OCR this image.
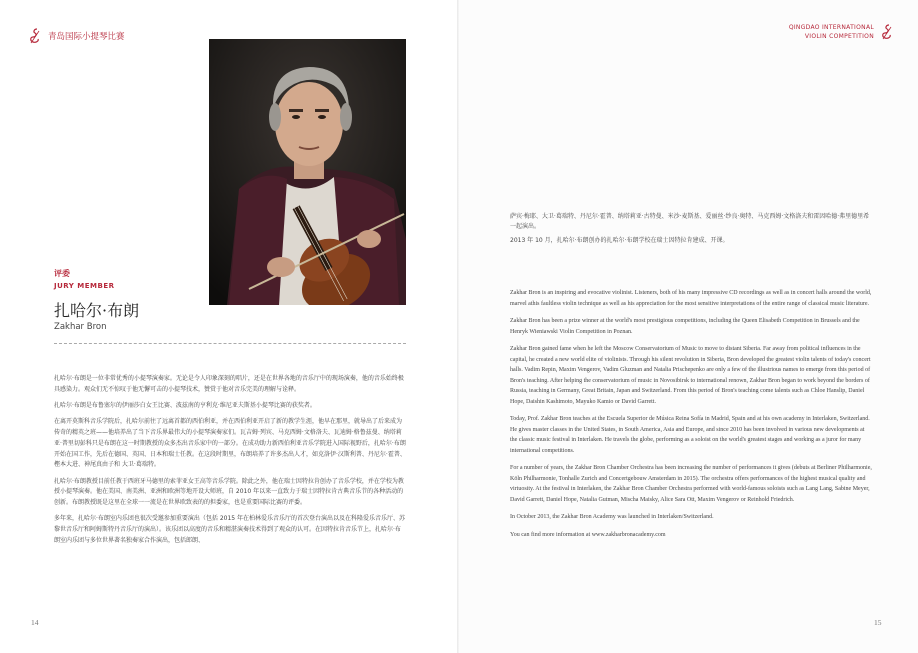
青岛国际小提琴比赛
评委
JURY MEMBER
扎哈尔·布朗
Zakhar Bron

扎哈尔·布朗是一位非常优秀的小提琴演奏家。无论是令人印象深刻的唱片，还是在世界各地的音乐厅中的现场演奏，他的音乐始终极具感染力。观众们无不惊叹于他无懈可击的小提琴技术，赞赏于他对音乐完美的理解与诠释。

扎哈尔·布朗是布鲁塞尔的伊丽莎白女王比赛、波兹南的亨利克·维尼亚夫斯基小提琴比赛的获奖者。

在离开莫斯科音乐学院后，扎哈尔前往了远离首都的西伯利亚，并在西伯利亚开启了新的教学生涯，他早在那里，就导出了后来成为传奇的精英之班——他培养出了当下音乐界最伟大的小提琴演奏家们。瓦吉姆·列宾、马克西姆·文格洛夫、瓦迪姆·格鲁兹曼、纳塔莉亚·普里切彭科只是布朗在这一时期教授的众多杰出音乐家中的一部分。在成功助力新西伯利亚音乐学院进入国际视野后，扎哈尔·布朗开始在国工作，先后在德国、英国、日本和瑞士任教。在这段时期里，布朗培养了许多杰出人才，如克洛伊·汉斯利普、丹尼尔·霍普、樫本大进、神尾真由子和 大卫·葛瑞特。

扎哈尔·布朗教授目前任教于西班牙马德里的索菲亚女王高等音乐学院。除此之外，他在瑞士因特拉肯创办了音乐学校，并在学校为教授小提琴演奏。他在美国、南美洲、亚洲和欧洲等地开设大师班，自 2010 年以来一直致力于瑞士因特拉肯古典音乐节的各种活动的创新。布朗教授既是这里在全球一一流是在世界欧致表的的担委家，也是重要国际比赛的评委。

多年来，扎哈尔·布朗室内乐团也很次受邀参加重要演出（包括 2015 年在柏林爱乐音乐厅的首次登台演出以及在科隆爱乐音乐厅、苏黎世音乐厅和阿姆斯特丹音乐厅的演出）。该乐团以高度的音乐和精湛演奏技术得到了观众的认可。在因特拉肯音乐节上，扎哈尔·布朗室内乐团与多位世界著名独奏家合作演出，包括郎朗、

14
QINGDAO INTERNATIONAL
VIOLIN COMPETITION

萨宾·梅耶、大卫·葛瑞特、丹尼尔·霍普、纳塔莉亚·古特曼、米沙·麦斯基、爱丽丝·纱良·奥特、马克西姆·文格洛夫和雷因哈德·弗里德里希一起演出。

2013 年 10 月，扎哈尔·布朗创办的扎哈尔·布朗学校在瑞士因特拉肯建成、开课。

Zakhar Bron is an inspiring and evocative violinist. Listeners, both of his many impressive CD recordings as well as in concert halls around the world, marvel athis faultless violin technique as well as his appreciation for the most sensitive interpretations of the entire range of classical music literature.

Zakhar Bron has been a prize winner at the world's most prestigious competitions, including the Queen Elisabeth Competition in Brussels and the Henryk Wieniawski Violin Competition in Poznan.

Zakhar Bron gained fame when he left the Moscow Conservatorium of Music to move to distant Siberia. Far away from political influences in the capital, he created a new world elite of violinists. Through his silent revolution in Siberia, Bron developed the greatest violin talents of today's concert halls. Vadim Repin, Maxim Vengerov, Vadim Gluzman and Natalia Prischepenko are only a few of the illustrious names to emerge from this period of Bron's teaching. After helping the conservatorium of music in Novosibirsk to international renown, Zakhar Bron began to work beyond the borders of Russia, teaching in Germany, Great Britain, Japan and Switzerland. From this period of Bron's teaching come talents such as Chloe Hanslip, Daniel Hope, Daishin Kashimoto, Mayuko Kamio or David Garrett.

Today, Prof. Zakhar Bron teaches at the Escuela Superior de Música Reina Sofía in Madrid, Spain and at his own academy in Interlaken, Switzerland. He gives master classes in the United States, in South America, Asia and Europe, and since 2010 has been involved in various new developments at the classic music festival in Interlaken. He travels the globe, performing as a soloist on the world's greatest stages and working as a juror for many international competitions.

For a number of years, the Zakhar Bron Chamber Orchestra has been increasing the number of performances it gives (debuts at Berliner Philharmonie, Köln Philharmonie, Tonhalle Zurich and Concertgebouw Amsterdam in 2015). The orchestra offers performances of the highest musical quality and virtuosity. At the festival in Interlaken, the Zakhar Bron Chamber Orchestra performed with world-famous soloists such as Lang Lang, Sabine Meyer, David Garrett, Daniel Hope, Natalia Gutman, Mischa Maisky, Alice Sara Ott, Maxim Vengerov or Reinhold Friedrich.

In October 2013, the Zakhar Bron Academy was launched in Interlaken/Switzerland.

You can find more information at www.zakharbronacademy.com

15
